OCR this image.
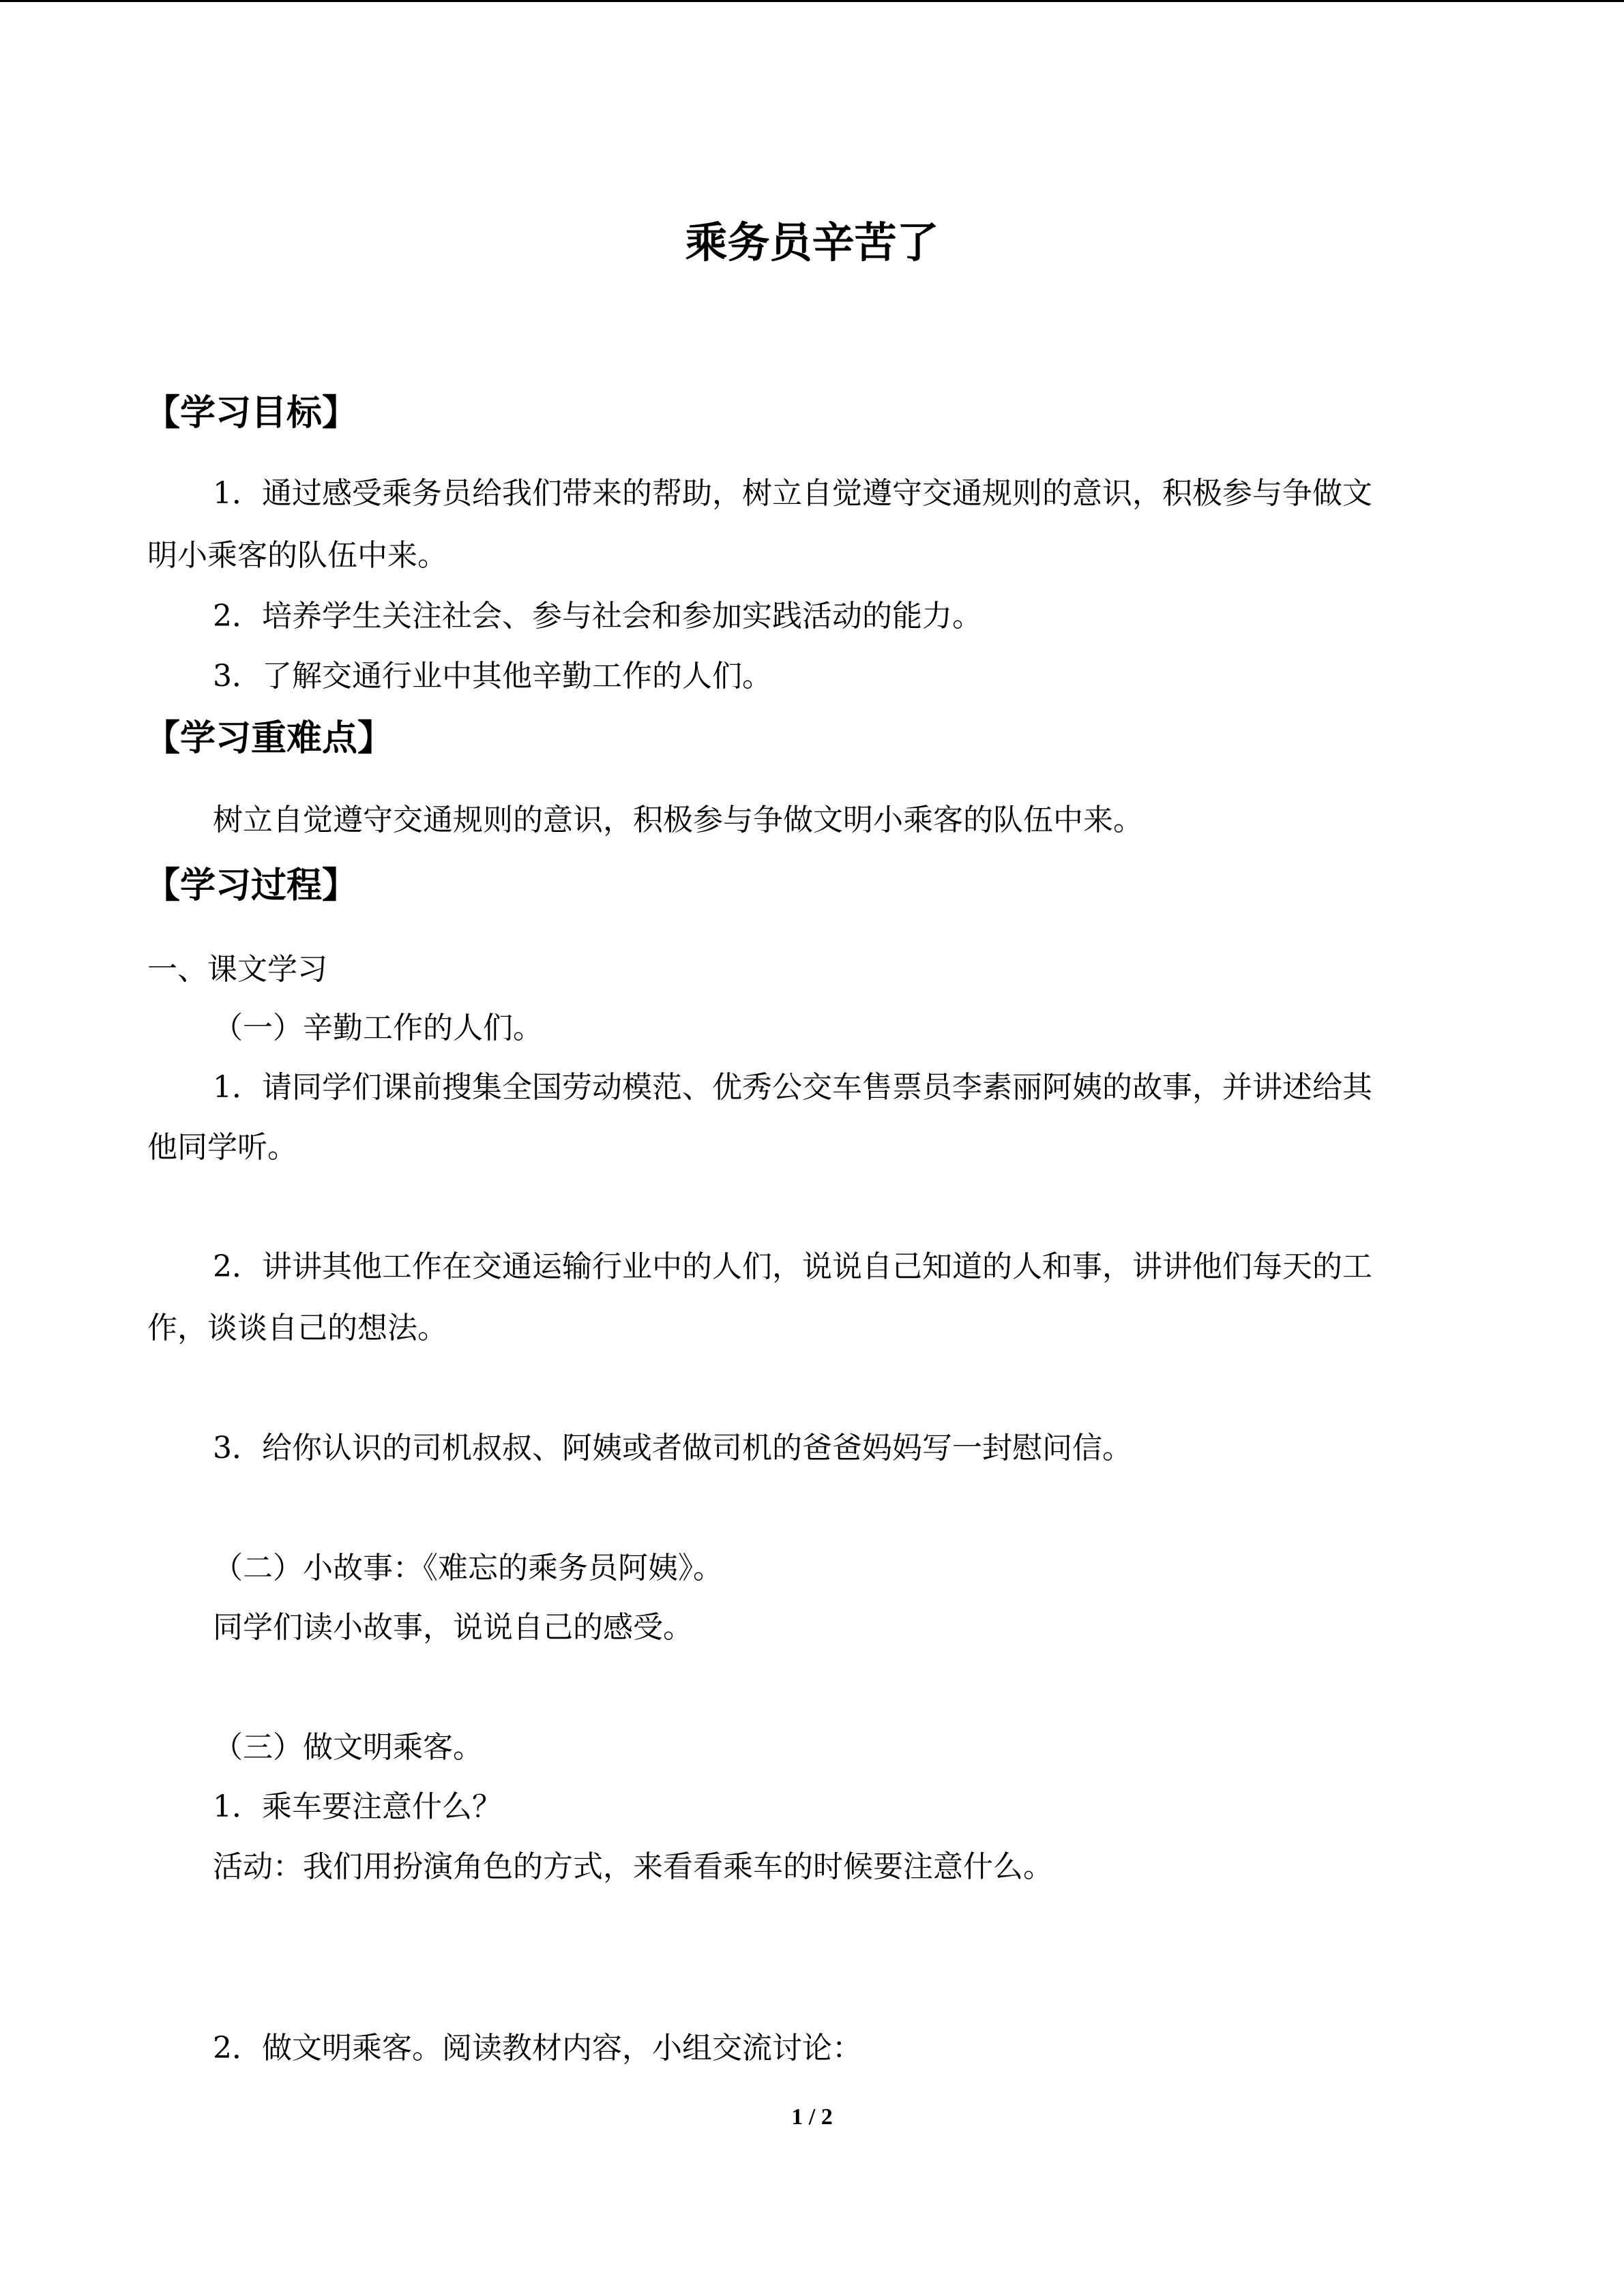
乘务员辛苦了
【学习目标】
1．通过感受乘务员给我们带来的帮助，树立自觉遵守交通规则的意识，积极参与争做文
明小乘客的队伍中来。
2．培养学生关注社会、参与社会和参加实践活动的能力。
3．了解交通行业中其他辛勤工作的人们。
【学习重难点】
树立自觉遵守交通规则的意识，积极参与争做文明小乘客的队伍中来。
【学习过程】
一、课文学习
（一）辛勤工作的人们。
1．请同学们课前搜集全国劳动模范、优秀公交车售票员李素丽阿姨的故事，并讲述给其
他同学听。
2．讲讲其他工作在交通运输行业中的人们，说说自己知道的人和事，讲讲他们每天的工
作，谈谈自己的想法。
3．给你认识的司机叔叔、阿姨或者做司机的爸爸妈妈写一封慰问信。
（二）小故事：《难忘的乘务员阿姨》。
同学们读小故事，说说自己的感受。
（三）做文明乘客。
1．乘车要注意什么？
活动：我们用扮演角色的方式，来看看乘车的时候要注意什么。
2．做文明乘客。阅读教材内容，小组交流讨论：
1 / 2
